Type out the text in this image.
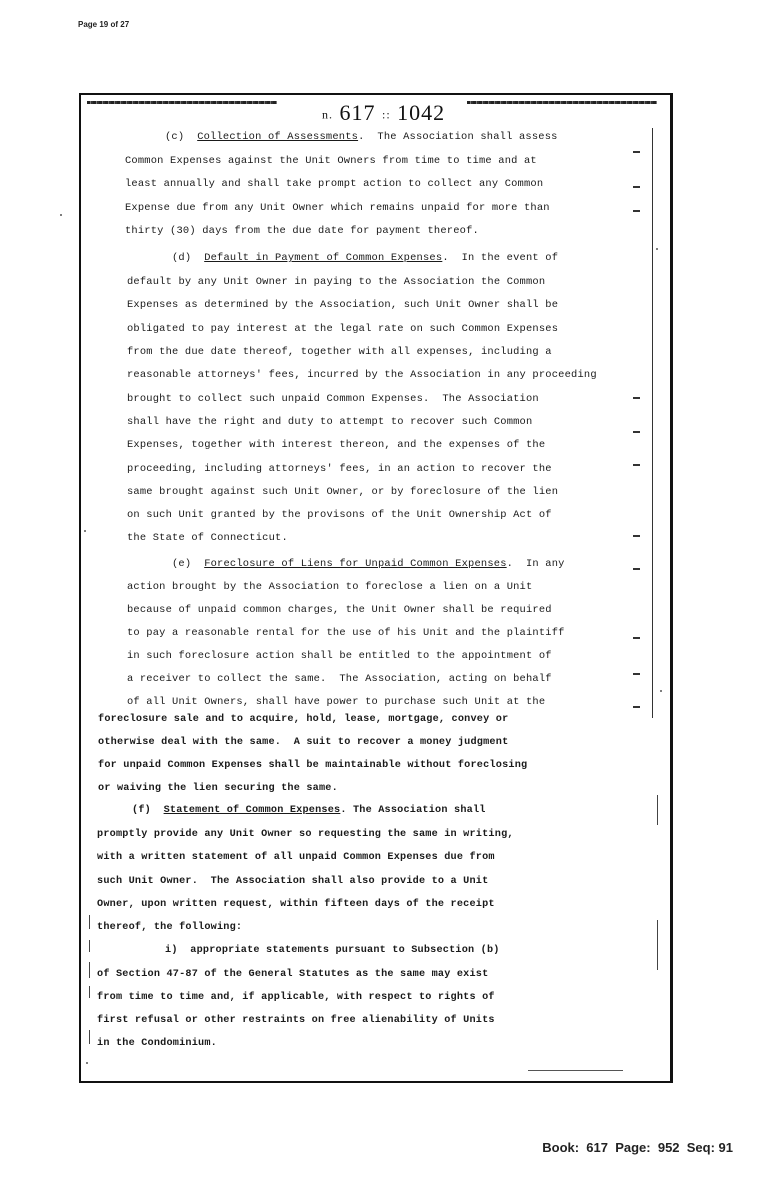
Page 19 of 27
n. 617 :: 1042
(c)  Collection of Assessments.  The Association shall assess
Common Expenses against the Unit Owners from time to time and at
least annually and shall take prompt action to collect any Common
Expense due from any Unit Owner which remains unpaid for more than
thirty (30) days from the due date for payment thereof.
(d)  Default in Payment of Common Expenses.  In the event of
default by any Unit Owner in paying to the Association the Common
Expenses as determined by the Association, such Unit Owner shall be
obligated to pay interest at the legal rate on such Common Expenses
from the due date thereof, together with all expenses, including a
reasonable attorneys' fees, incurred by the Association in any proceeding
brought to collect such unpaid Common Expenses.  The Association
shall have the right and duty to attempt to recover such Common
Expenses, together with interest thereon, and the expenses of the
proceeding, including attorneys' fees, in an action to recover the
same brought against such Unit Owner, or by foreclosure of the lien
on such Unit granted by the provisons of the Unit Ownership Act of
the State of Connecticut.
(e)  Foreclosure of Liens for Unpaid Common Expenses.  In any
action brought by the Association to foreclose a lien on a Unit
because of unpaid common charges, the Unit Owner shall be required
to pay a reasonable rental for the use of his Unit and the plaintiff
in such foreclosure action shall be entitled to the appointment of
a receiver to collect the same.  The Association, acting on behalf
of all Unit Owners, shall have power to purchase such Unit at the
foreclosure sale and to acquire, hold, lease, mortgage, convey or
otherwise deal with the same.  A suit to recover a money judgment
for unpaid Common Expenses shall be maintainable without foreclosing
or waiving the lien securing the same.
(f)  Statement of Common Expenses. The Association shall
promptly provide any Unit Owner so requesting the same in writing,
with a written statement of all unpaid Common Expenses due from
such Unit Owner.  The Association shall also provide to a Unit
Owner, upon written request, within fifteen days of the receipt
thereof, the following:
i)  appropriate statements pursuant to Subsection (b)
of Section 47-87 of the General Statutes as the same may exist
from time to time and, if applicable, with respect to rights of
first refusal or other restraints on free alienability of Units
in the Condominium.
Book:  617  Page:  952  Seq: 91
